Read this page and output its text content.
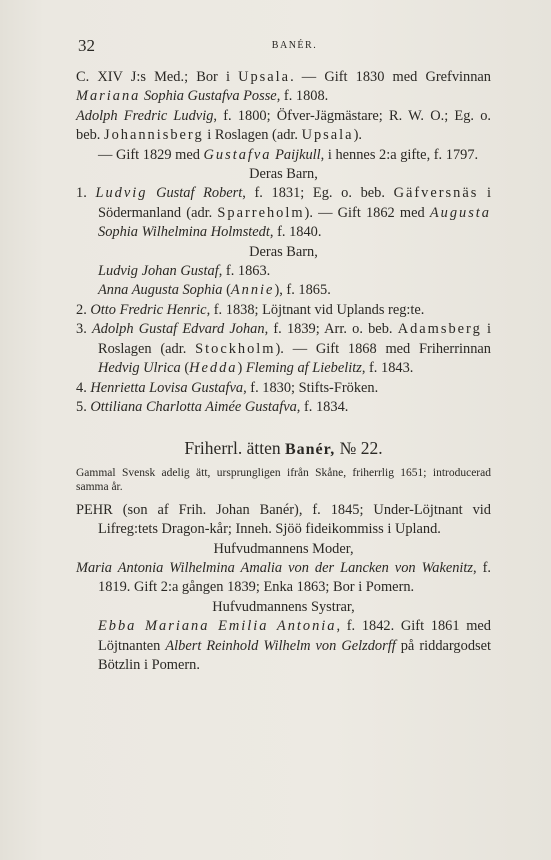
32	BANÉR.

C. XIV J:s Med.; Bor i Upsala. — Gift 1830 med Grefvinnan Mariana Sophia Gustafva Posse, f. 1808.

Adolph Fredric Ludvig, f. 1800; Öfver-Jägmästare; R. W. O.; Eg. o. beb. Johannisberg i Roslagen (adr. Upsala).

— Gift 1829 med Gustafva Paijkull, i hennes 2:a gifte, f. 1797.

Deras Barn,

1. Ludvig Gustaf Robert, f. 1831; Eg. o. beb. Gäfversnäs i Södermanland (adr. Sparreholm). — Gift 1862 med Augusta Sophia Wilhelmina Holmstedt, f. 1840.

Deras Barn,

Ludvig Johan Gustaf, f. 1863.

Anna Augusta Sophia (Annie), f. 1865.

2. Otto Fredric Henric, f. 1838; Löjtnant vid Uplands reg:te.

3. Adolph Gustaf Edvard Johan, f. 1839; Arr. o. beb. Adamsberg i Roslagen (adr. Stockholm). — Gift 1868 med Friherrinnan Hedvig Ulrica (Hedda) Fleming af Liebelitz, f. 1843.

4. Henrietta Lovisa Gustafva, f. 1830; Stifts-Fröken.

5. Ottiliana Charlotta Aimée Gustafva, f. 1834.

Friherrl. ätten Banér, № 22.

Gammal Svensk adelig ätt, ursprungligen ifrån Skåne, friherrlig 1651; introducerad samma år.

PEHR (son af Frih. Johan Banér), f. 1845; Under-Löjtnant vid Lifreg:tets Dragon-kår; Inneh. Sjöö fideikommiss i Upland.

Hufvudmannens Moder,

Maria Antonia Wilhelmina Amalia von der Lancken von Wakenitz, f. 1819. Gift 2:a gången 1839; Enka 1863; Bor i Pomern.

Hufvudmannens Systrar,

Ebba Mariana Emilia Antonia, f. 1842. Gift 1861 med Löjtnanten Albert Reinhold Wilhelm von Gelzdorff på riddargodset Bötzlin i Pomern.
